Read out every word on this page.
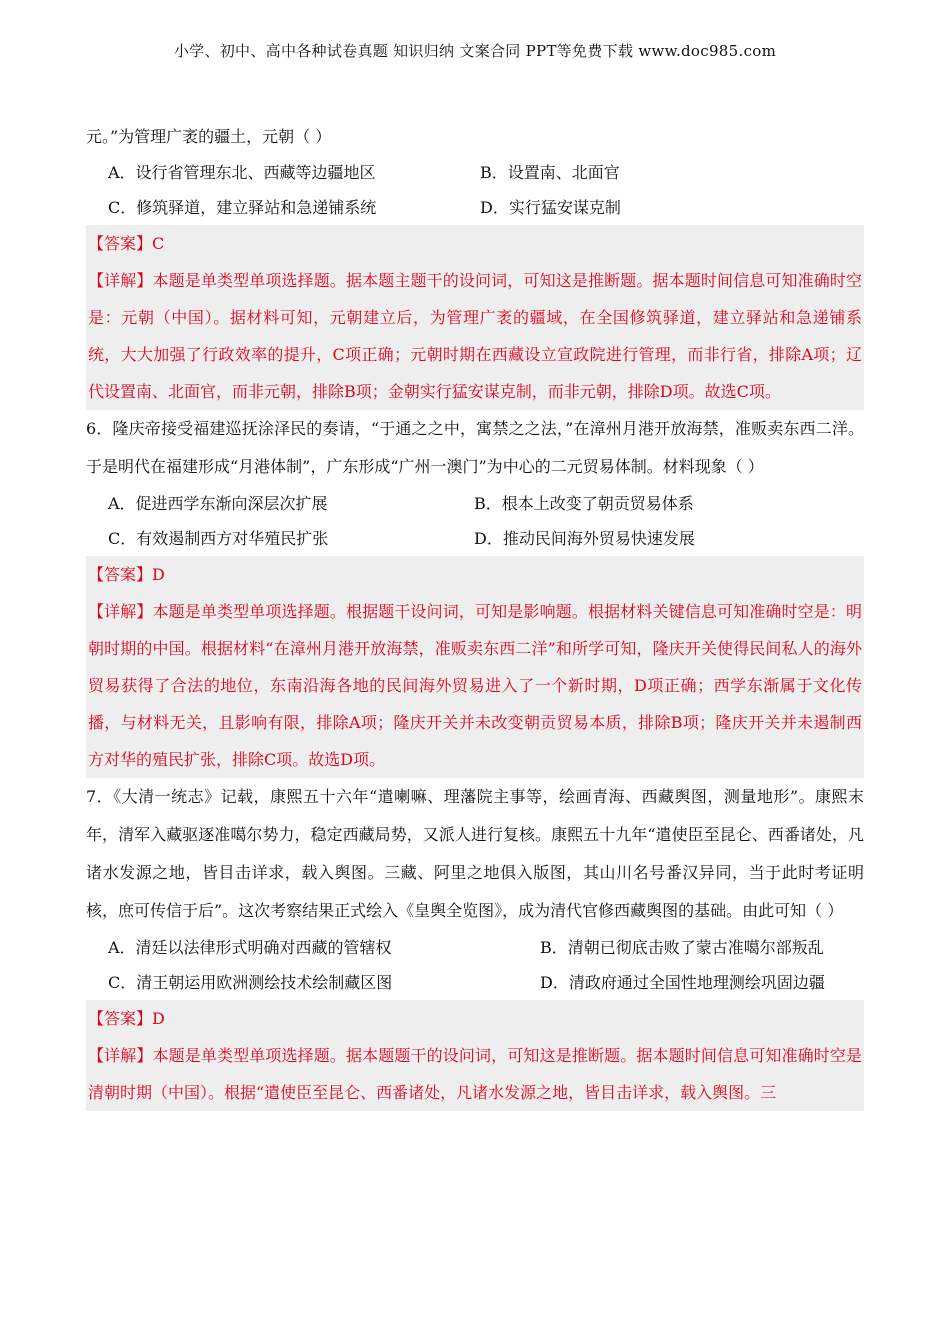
小学、初中、高中各种试卷真题 知识归纳 文案合同 PPT等免费下载 www.doc985.com

元。”为管理广袤的疆土，元朝（ ）

A．设行省管理东北、西藏等边疆地区	B．设置南、北面官
C．修筑驿道，建立驿站和急递铺系统	D．实行猛安谋克制
【答案】C
【详解】本题是单类型单项选择题。据本题主题干的设问词，可知这是推断题。据本题时间信息可知准确时空是：元朝（中国）。据材料可知，元朝建立后，为管理广袤的疆域，在全国修筑驿道，建立驿站和急递铺系统，大大加强了行政效率的提升，C项正确；元朝时期在西藏设立宣政院进行管理，而非行省，排除A项；辽代设置南、北面官，而非元朝，排除B项；金朝实行猛安谋克制，而非元朝，排除D项。故选C项。

6．隆庆帝接受福建巡抚涂泽民的奏请，“于通之之中，寓禁之之法，”在漳州月港开放海禁，准贩卖东西二洋。于是明代在福建形成“月港体制”，广东形成“广州一澳门”为中心的二元贸易体制。材料现象（ ）

A．促进西学东渐向深层次扩展	B．根本上改变了朝贡贸易体系
C．有效遏制西方对华殖民扩张	D．推动民间海外贸易快速发展
【答案】D
【详解】本题是单类型单项选择题。根据题干设问词，可知是影响题。根据材料关键信息可知准确时空是：明朝时期的中国。根据材料“在漳州月港开放海禁，准贩卖东西二洋”和所学可知，隆庆开关使得民间私人的海外贸易获得了合法的地位，东南沿海各地的民间海外贸易进入了一个新时期，D项正确；西学东渐属于文化传播，与材料无关，且影响有限，排除A项；隆庆开关并未改变朝贡贸易本质，排除B项；隆庆开关并未遏制西方对华的殖民扩张，排除C项。故选D项。

7．《大清一统志》记载，康熙五十六年“遣喇嘛、理藩院主事等，绘画青海、西藏舆图，测量地形”。康熙末年，清军入藏驱逐准噶尔势力，稳定西藏局势，又派人进行复核。康熙五十九年“遣使臣至昆仑、西番诸处，凡诸水发源之地，皆目击详求，载入舆图。三藏、阿里之地俱入版图，其山川名号番汉异同，当于此时考证明核，庶可传信于后”。这次考察结果正式绘入《皇舆全览图》，成为清代官修西藏舆图的基础。由此可知（ ）

A．清廷以法律形式明确对西藏的管辖权	B．清朝已彻底击败了蒙古准噶尔部叛乱
C．清王朝运用欧洲测绘技术绘制藏区图	D．清政府通过全国性地理测绘巩固边疆
【答案】D
【详解】本题是单类型单项选择题。据本题题干的设问词，可知这是推断题。据本题时间信息可知准确时空是清朝时期（中国）。根据“遣使臣至昆仑、西番诸处，凡诸水发源之地，皆目击详求，载入舆图。三
